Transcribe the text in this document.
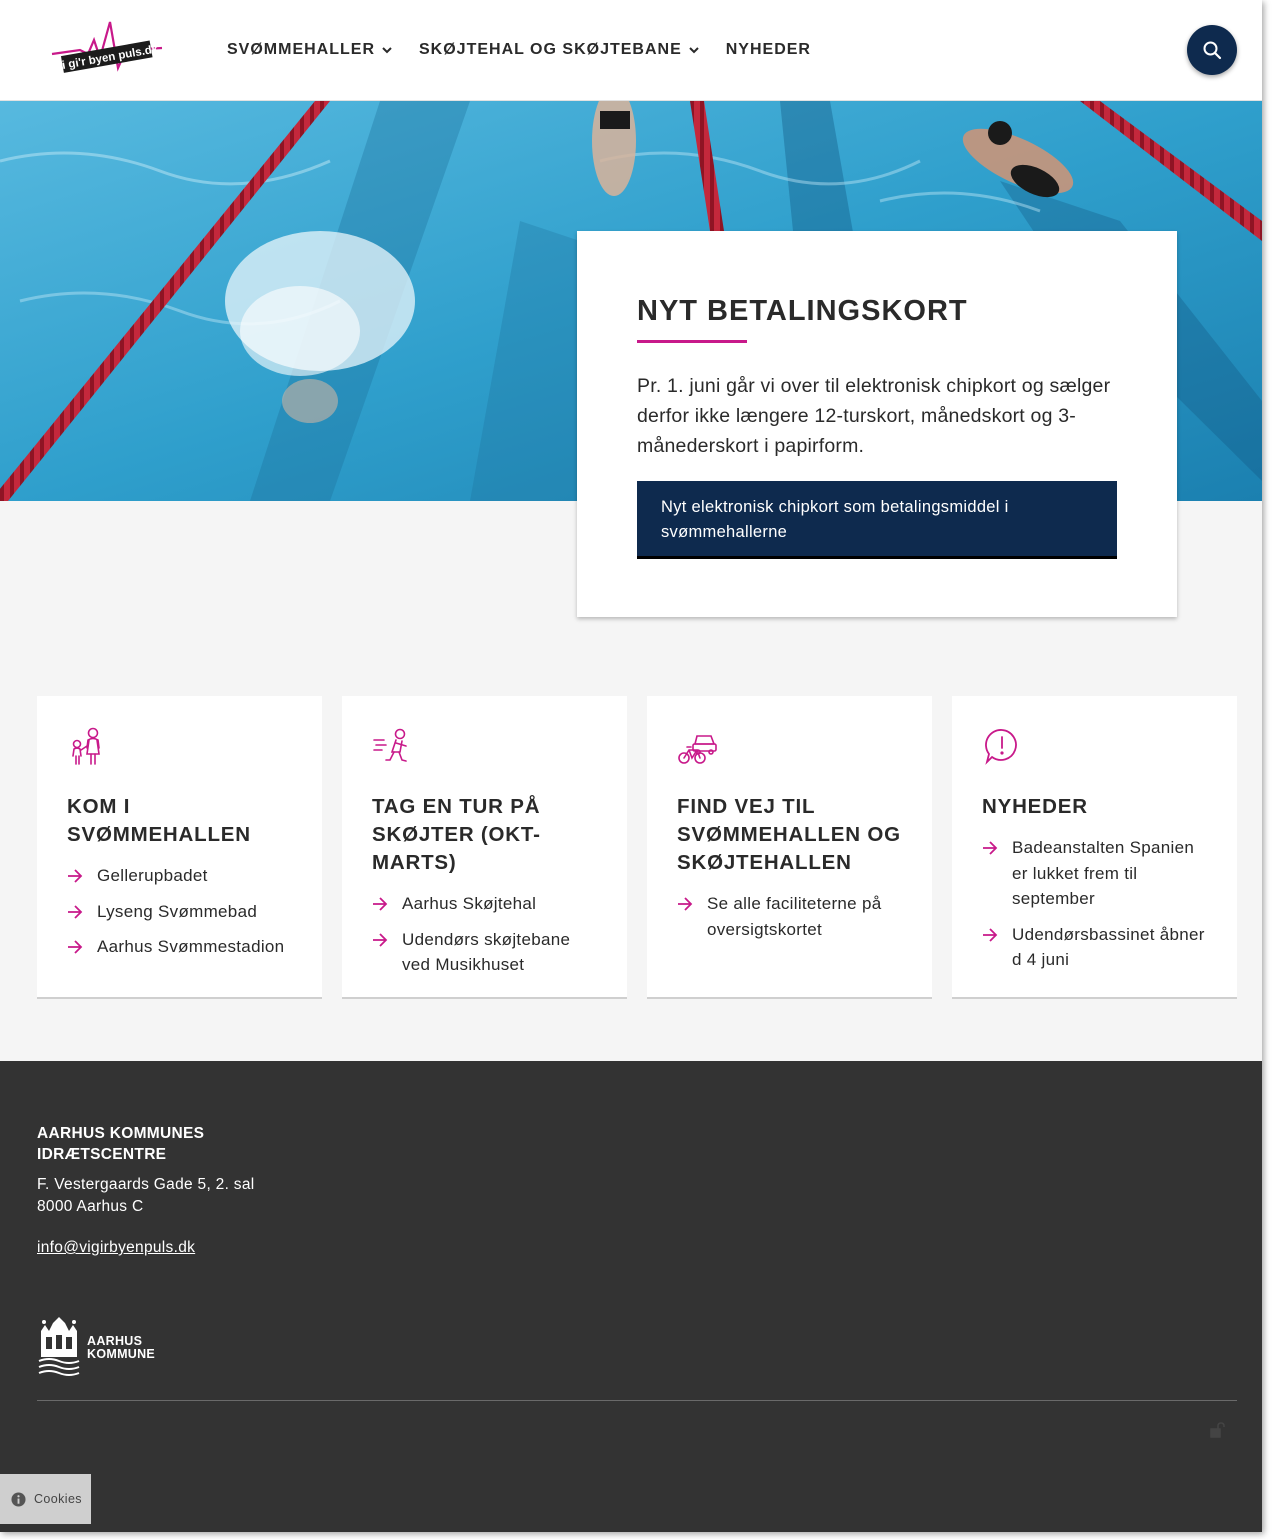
vi gi'r byen puls.dk	SVØMMEHALLER	SKØJTEHAL OG SKØJTEBANE	NYHEDER
NYT BETALINGSKORT

Pr. 1. juni går vi over til elektronisk chipkort og sælger derfor ikke længere 12-turskort, månedskort og 3-månederskort i papirform.

Nyt elektronisk chipkort som betalingsmiddel i svømmehallerne
KOM I SVØMMEHALLEN
Gellerupbadet
Lyseng Svømmebad
Aarhus Svømmestadion
TAG EN TUR PÅ SKØJTER (OKT-MARTS)
Aarhus Skøjtehal
Udendørs skøjtebane ved Musikhuset
FIND VEJ TIL SVØMMEHALLEN OG SKØJTEHALLEN
Se alle faciliteterne på oversigtskortet
NYHEDER
Badeanstalten Spanien er lukket frem til september
Udendørsbassinet åbner d 4 juni
AARHUS KOMMUNES
IDRÆTSCENTRE
F. Vestergaards Gade 5, 2. sal
8000 Aarhus C
info@vigirbyenpuls.dk
AARHUS
KOMMUNE
Cookies
